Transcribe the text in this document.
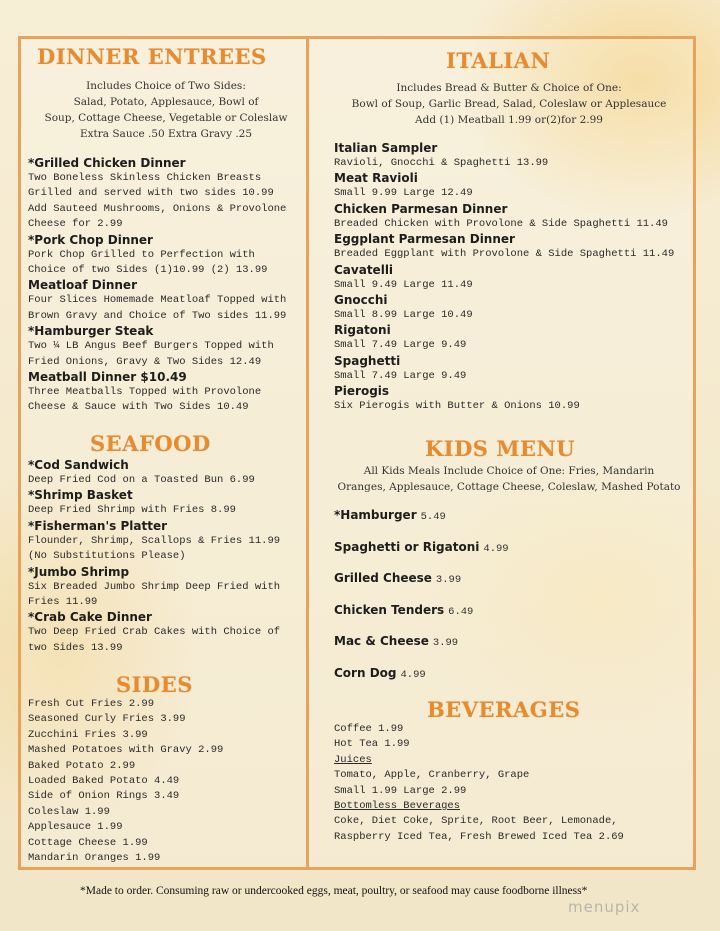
DINNER ENTREES
Includes Choice of Two Sides:
Salad, Potato, Applesauce, Bowl of
Soup, Cottage Cheese, Vegetable or Coleslaw
Extra Sauce .50 Extra Gravy .25
*Grilled Chicken Dinner
Two Boneless Skinless Chicken Breasts
Grilled and served with two sides 10.99
Add Sauteed Mushrooms, Onions & Provolone
Cheese for 2.99
*Pork Chop Dinner
Pork Chop Grilled to Perfection with
Choice of two Sides (1)10.99 (2) 13.99
Meatloaf Dinner
Four Slices Homemade Meatloaf Topped with
Brown Gravy and Choice of Two sides 11.99
*Hamburger Steak
Two ¼ LB Angus Beef Burgers Topped with
Fried Onions, Gravy & Two Sides 12.49
Meatball Dinner $10.49
Three Meatballs Topped with Provolone
Cheese & Sauce with Two Sides 10.49
SEAFOOD
*Cod Sandwich
Deep Fried Cod on a Toasted Bun 6.99
*Shrimp Basket
Deep Fried Shrimp with Fries 8.99
*Fisherman's Platter
Flounder, Shrimp, Scallops & Fries 11.99
(No Substitutions Please)
*Jumbo Shrimp
Six Breaded Jumbo Shrimp Deep Fried with
Fries 11.99
*Crab Cake Dinner
Two Deep Fried Crab Cakes with Choice of
two Sides 13.99
SIDES
Fresh Cut Fries 2.99
Seasoned Curly Fries 3.99
Zucchini Fries 3.99
Mashed Potatoes with Gravy 2.99
Baked Potato 2.99
Loaded Baked Potato 4.49
Side of Onion Rings 3.49
Coleslaw 1.99
Applesauce 1.99
Cottage Cheese 1.99
Mandarin Oranges 1.99
ITALIAN
Includes Bread & Butter & Choice of One:
Bowl of Soup, Garlic Bread, Salad, Coleslaw or Applesauce
Add (1) Meatball 1.99 or(2)for 2.99
Italian Sampler
Ravioli, Gnocchi & Spaghetti 13.99
Meat Ravioli
Small 9.99 Large 12.49
Chicken Parmesan Dinner
Breaded Chicken with Provolone & Side Spaghetti 11.49
Eggplant Parmesan Dinner
Breaded Eggplant with Provolone & Side Spaghetti 11.49
Cavatelli
Small 9.49 Large 11.49
Gnocchi
Small 8.99 Large 10.49
Rigatoni
Small 7.49 Large 9.49
Spaghetti
Small 7.49 Large 9.49
Pierogis
Six Pierogis with Butter & Onions 10.99
KIDS MENU
All Kids Meals Include Choice of One: Fries, Mandarin
Oranges, Applesauce, Cottage Cheese, Coleslaw, Mashed Potato
*Hamburger 5.49
Spaghetti or Rigatoni 4.99
Grilled Cheese 3.99
Chicken Tenders 6.49
Mac & Cheese 3.99
Corn Dog 4.99
BEVERAGES
Coffee 1.99
Hot Tea 1.99
Juices
Tomato, Apple, Cranberry, Grape
Small 1.99 Large 2.99
Bottomless Beverages
Coke, Diet Coke, Sprite, Root Beer, Lemonade,
Raspberry Iced Tea, Fresh Brewed Iced Tea 2.69
*Made to order. Consuming raw or undercooked eggs, meat, poultry, or seafood may cause foodborne illness*
menupix
